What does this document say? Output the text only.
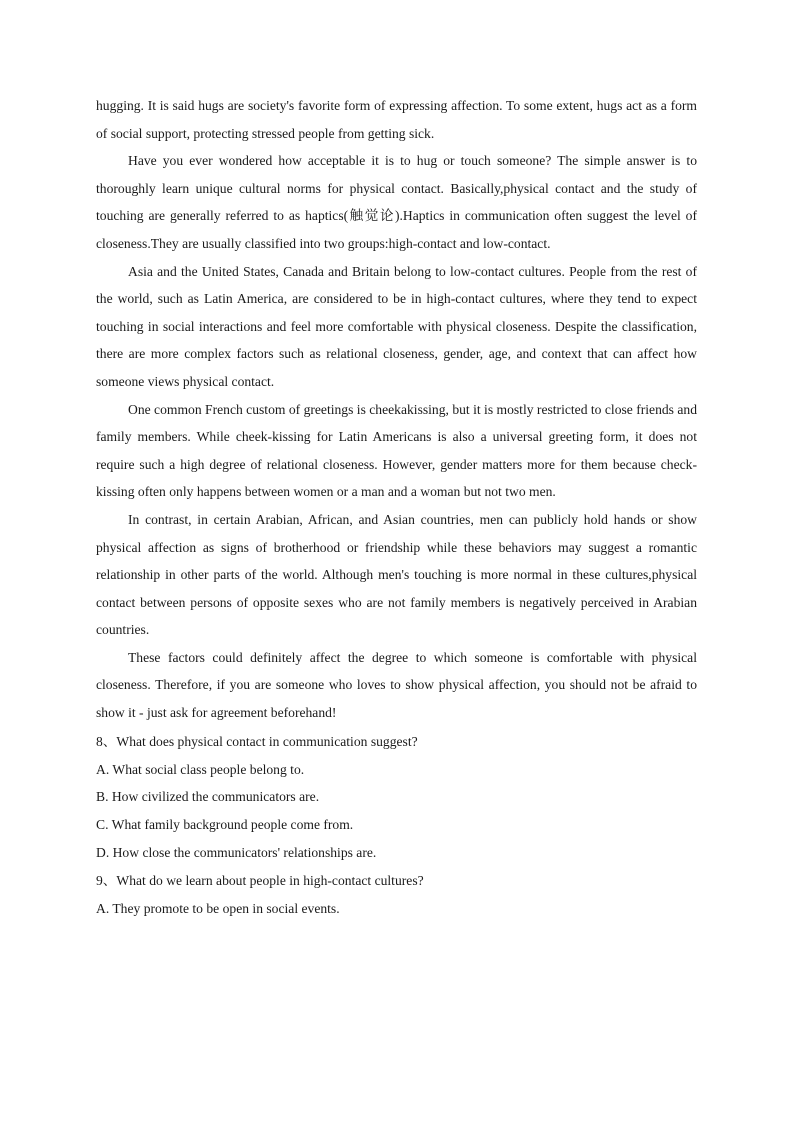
hugging. It is said hugs are society's favorite form of expressing affection. To some extent, hugs act as a form of social support, protecting stressed people from getting sick.

Have you ever wondered how acceptable it is to hug or touch someone? The simple answer is to thoroughly learn unique cultural norms for physical contact. Basically,physical contact and the study of touching are generally referred to as haptics(触觉论).Haptics in communication often suggest the level of closeness.They are usually classified into two groups:high-contact and low-contact.

Asia and the United States, Canada and Britain belong to low-contact cultures. People from the rest of the world, such as Latin America, are considered to be in high-contact cultures, where they tend to expect touching in social interactions and feel more comfortable with physical closeness. Despite the classification, there are more complex factors such as relational closeness, gender, age, and context that can affect how someone views physical contact.

One common French custom of greetings is cheekakissing, but it is mostly restricted to close friends and family members. While cheek-kissing for Latin Americans is also a universal greeting form, it does not require such a high degree of relational closeness. However, gender matters more for them because check-kissing often only happens between women or a man and a woman but not two men.

In contrast, in certain Arabian, African, and Asian countries, men can publicly hold hands or show physical affection as signs of brotherhood or friendship while these behaviors may suggest a romantic relationship in other parts of the world. Although men's touching is more normal in these cultures,physical contact between persons of opposite sexes who are not family members is negatively perceived in Arabian countries.

These factors could definitely affect the degree to which someone is comfortable with physical closeness. Therefore, if you are someone who loves to show physical affection, you should not be afraid to show it - just ask for agreement beforehand!

8、What does physical contact in communication suggest?

A. What social class people belong to.

B. How civilized the communicators are.

C. What family background people come from.

D. How close the communicators' relationships are.

9、What do we learn about people in high-contact cultures?

A. They promote to be open in social events.
